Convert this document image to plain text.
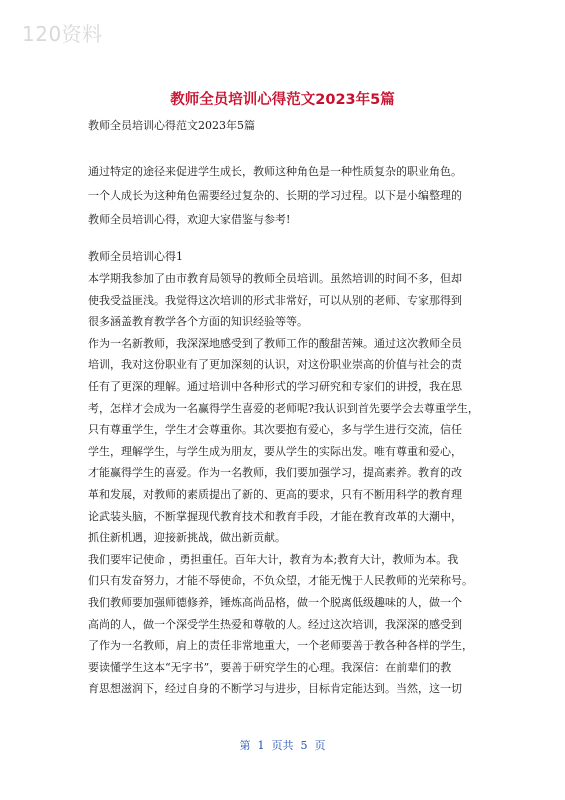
120资料
教师全员培训心得范文2023年5篇
教师全员培训心得范文2023年5篇
通过特定的途径来促进学生成长，教师这种角色是一种性质复杂的职业角色。
一个人成长为这种角色需要经过复杂的、长期的学习过程。以下是小编整理的
教师全员培训心得，欢迎大家借鉴与参考!
教师全员培训心得1
本学期我参加了由市教育局领导的教师全员培训。虽然培训的时间不多，但却
使我受益匪浅。我觉得这次培训的形式非常好，可以从别的老师、专家那得到
很多涵盖教育教学各个方面的知识经验等等。
作为一名新教师，我深深地感受到了教师工作的酸甜苦辣。通过这次教师全员
培训，我对这份职业有了更加深刻的认识，对这份职业崇高的价值与社会的责
任有了更深的理解。通过培训中各种形式的学习研究和专家们的讲授，我在思
考，怎样才会成为一名赢得学生喜爱的老师呢?我认识到首先要学会去尊重学生，
只有尊重学生，学生才会尊重你。其次要抱有爱心，多与学生进行交流，信任
学生，理解学生，与学生成为朋友，要从学生的实际出发。唯有尊重和爱心，
才能赢得学生的喜爱。作为一名教师，我们要加强学习，提高素养。教育的改
革和发展，对教师的素质提出了新的、更高的要求，只有不断用科学的教育理
论武装头脑，不断掌握现代教育技术和教育手段，才能在教育改革的大潮中，
抓住新机遇，迎接新挑战，做出新贡献。
我们要牢记使命 ，勇担重任。百年大计，教育为本;教育大计，教师为本。我
们只有发奋努力，才能不辱使命，不负众望，才能无愧于人民教师的光荣称号。
我们教师要加强师德修养，锤炼高尚品格，做一个脱离低级趣味的人，做一个
高尚的人，做一个深受学生热爱和尊敬的人。经过这次培训，我深深的感受到
了作为一名教师，肩上的责任非常地重大，一个老师要善于教各种各样的学生，
要读懂学生这本“无字书”，要善于研究学生的心理。我深信：在前辈们的教
育思想滋润下，经过自身的不断学习与进步，目标肯定能达到。当然，这一切
第  1  页共  5  页
